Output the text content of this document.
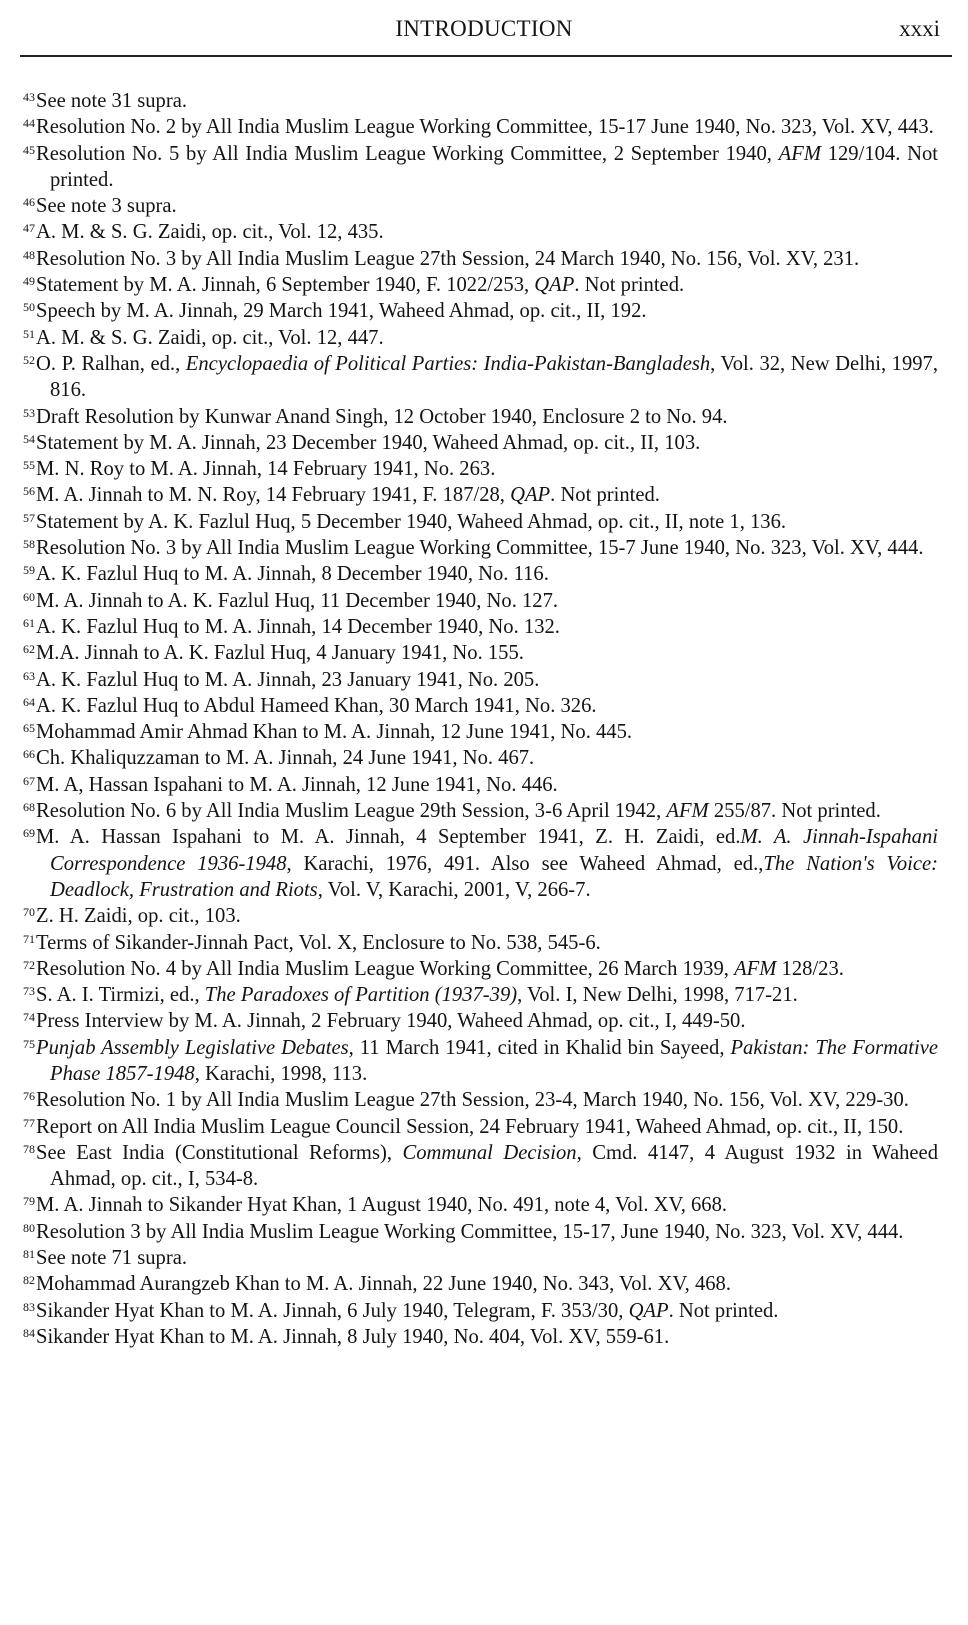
INTRODUCTION	xxxi

$^{43}$See note 31 supra.

$^{44}$Resolution No. 2 by All India Muslim League Working Committee, 15-17 June 1940, No. 323, Vol. XV, 443.

$^{45}$Resolution No. 5 by All India Muslim League Working Committee, 2 September 1940, AFM 129/104. Not printed.

$^{46}$See note 3 supra.

$^{47}$A. M. & S. G. Zaidi, op. cit., Vol. 12, 435.

$^{48}$Resolution No. 3 by All India Muslim League 27th Session, 24 March 1940, No. 156, Vol. XV, 231.

$^{49}$Statement by M. A. Jinnah, 6 September 1940, F. 1022/253, QAP. Not printed.

$^{50}$Speech by M. A. Jinnah, 29 March 1941, Waheed Ahmad, op. cit., II, 192.

$^{51}$A. M. & S. G. Zaidi, op. cit., Vol. 12, 447.

$^{52}$O. P. Ralhan, ed., Encyclopaedia of Political Parties: India-Pakistan-Bangladesh, Vol. 32, New Delhi, 1997, 816.

$^{53}$Draft Resolution by Kunwar Anand Singh, 12 October 1940, Enclosure 2 to No. 94.

$^{54}$Statement by M. A. Jinnah, 23 December 1940, Waheed Ahmad, op. cit., II, 103.

$^{55}$M. N. Roy to M. A. Jinnah, 14 February 1941, No. 263.

$^{56}$M. A. Jinnah to M. N. Roy, 14 February 1941, F. 187/28, QAP. Not printed.

$^{57}$Statement by A. K. Fazlul Huq, 5 December 1940, Waheed Ahmad, op. cit., II, note 1, 136.

$^{58}$Resolution No. 3 by All India Muslim League Working Committee, 15-7 June 1940, No. 323, Vol. XV, 444.

$^{59}$A. K. Fazlul Huq to M. A. Jinnah, 8 December 1940, No. 116.

$^{60}$M. A. Jinnah to A. K. Fazlul Huq, 11 December 1940, No. 127.

$^{61}$A. K. Fazlul Huq to M. A. Jinnah, 14 December 1940, No. 132.

$^{62}$M.A. Jinnah to A. K. Fazlul Huq, 4 January 1941, No. 155.

$^{63}$A. K. Fazlul Huq to M. A. Jinnah, 23 January 1941, No. 205.

$^{64}$A. K. Fazlul Huq to Abdul Hameed Khan, 30 March 1941, No. 326.

$^{65}$Mohammad Amir Ahmad Khan to M. A. Jinnah, 12 June 1941, No. 445.

$^{66}$Ch. Khaliquzzaman to M. A. Jinnah, 24 June 1941, No. 467.

$^{67}$M. A, Hassan Ispahani to M. A. Jinnah, 12 June 1941, No. 446.

$^{68}$Resolution No. 6 by All India Muslim League 29th Session, 3-6 April 1942, AFM 255/87. Not printed.

$^{69}$M. A. Hassan Ispahani to M. A. Jinnah, 4 September 1941, Z. H. Zaidi, ed.M. A. Jinnah-Ispahani Correspondence 1936-1948, Karachi, 1976, 491. Also see Waheed Ahmad, ed.,The Nation's Voice: Deadlock, Frustration and Riots, Vol. V, Karachi, 2001, V, 266-7.

$^{70}$Z. H. Zaidi, op. cit., 103.

$^{71}$Terms of Sikander-Jinnah Pact, Vol. X, Enclosure to No. 538, 545-6.

$^{72}$Resolution No. 4 by All India Muslim League Working Committee, 26 March 1939, AFM 128/23.

$^{73}$S. A. I. Tirmizi, ed., The Paradoxes of Partition (1937-39), Vol. I, New Delhi, 1998, 717-21.

$^{74}$Press Interview by M. A. Jinnah, 2 February 1940, Waheed Ahmad, op. cit., I, 449-50.

$^{75}$Punjab Assembly Legislative Debates, 11 March 1941, cited in Khalid bin Sayeed, Pakistan: The Formative Phase 1857-1948, Karachi, 1998, 113.

$^{76}$Resolution No. 1 by All India Muslim League 27th Session, 23-4, March 1940, No. 156, Vol. XV, 229-30.

$^{77}$Report on All India Muslim League Council Session, 24 February 1941, Waheed Ahmad, op. cit., II, 150.

$^{78}$See East India (Constitutional Reforms), Communal Decision, Cmd. 4147, 4 August 1932 in Waheed Ahmad, op. cit., I, 534-8.

$^{79}$M. A. Jinnah to Sikander Hyat Khan, 1 August 1940, No. 491, note 4, Vol. XV, 668.

$^{80}$Resolution 3 by All India Muslim League Working Committee, 15-17, June 1940, No. 323, Vol. XV, 444.

$^{81}$See note 71 supra.

$^{82}$Mohammad Aurangzeb Khan to M. A. Jinnah, 22 June 1940, No. 343, Vol. XV, 468.

$^{83}$Sikander Hyat Khan to M. A. Jinnah, 6 July 1940, Telegram, F. 353/30, QAP. Not printed.

$^{84}$Sikander Hyat Khan to M. A. Jinnah, 8 July 1940, No. 404, Vol. XV, 559-61.
